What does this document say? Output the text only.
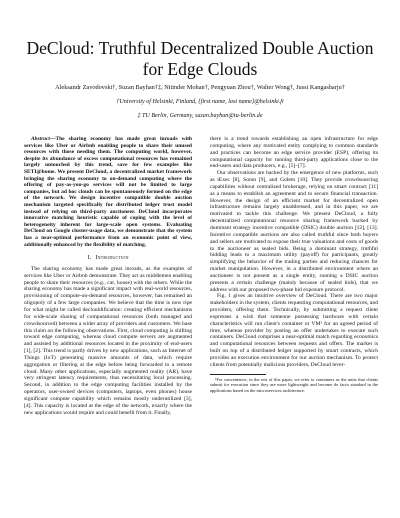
DeCloud: Truthful Decentralized Double Auction for Edge Clouds
Aleksandr Zavodovski†, Suzan Bayhan†‡, Nitinder Mohan†, Pengyuan Zhou†, Walter Wong†, Jussi Kangasharju†
†University of Helsinki, Finland, {first name, last name}@helsinki.fi
‡ TU Berlin, Germany, suzan.bayhan@tu-berlin.de

Abstract—The sharing economy has made great inroads with services like Uber or Airbnb enabling people to share their unused resources with those needing them. The computing world, however, despite its abundance of excess computational resources has remained largely untouched by this trend, save for few examples like SETI@home. We present DeCloud, a decentralized market framework bringing the sharing economy to on-demand computing where the offering of pay-as-you-go services will not be limited to large companies, but ad hoc clouds can be spontaneously formed on the edge of the network. We design incentive compatible double auction mechanism targeted specifically for distributed ledger trust model instead of relying on third-party auctioneer. DeCloud incorporates innovative matching heuristic capable of coping with the level of heterogeneity inherent for large-scale open systems. Evaluating DeCloud on Google cluster-usage data, we demonstrate that the system has a near-optimal performance from an economic point of view, additionally enhanced by the flexibility of matching.

I. Introduction

The sharing economy has made great inroads, as the examples of services like Uber or Airbnb demonstrate. They act as middlemen enabling people to share their resources (e.g., car, house) with the others. While the sharing economy has made a significant impact with real-world resources, provisioning of compute-on-demand resources, however, has remained an oligopoly of a few large companies. We believe that the time is now ripe for what might be called declouldification: creating efficient mechanisms for wide-scale sharing of computational resources (both managed and crowdsourced) between a wider array of providers and customers. We base this claim on the following observations. First, cloud computing is shifting toward edge computing, whereas cloud compute servers are augmented and assisted by additional resources located in the proximity of end-users [1], [2]. This trend is partly driven by new applications, such as Internet of Things (IoT) generating massive amounts of data, which require aggregation or filtering at the edge before being forwarded to a remote cloud. Many other applications, especially augmented reality (AR), have very stringent latency requirements, thus necessitating local processing. Second, in addition to the edge computing facilities installed by the operators, user-owned devices (computers, laptops, even phones) house significant compute capability which remains mostly underutilized [3], [4]. This capacity is located at the edge of the network, exactly where the new applications would require and could benefit from it. Finally,

there is a trend towards establishing an open infrastructure for edge computing, where any motivated entity complying to common standards and practices can become an edge service provider (ESP), offering its computational capacity for running third-party applications close to the end-users and data producers, e.g., [5]–[7].

Our observations are backed by the emergence of new platforms, such as iExec [8], Sonm [9], and Golem [10]. They provide crowdsourcing capabilities without centralized brokerage, relying on smart contract [11] as a means to establish an agreement and to secure financial transaction. However, the design of an efficient market for decentralized open infrastructure remains largely unaddressed, and in this paper, we are motivated to tackle this challenge. We present DeCloud, a fully decentralized computational resource sharing framework backed by dominant strategy incentive compatible (DSIC) double auction [12], [13]. Incentive compatible auctions are also called truthful since both buyers and sellers are motivated to expose their true valuations and costs of goods to the auctioneer as sealed bids. Being a dominant strategy, truthful bidding leads to a maximum utility (payoff) for participants, greatly simplifying the behavior of the trading parties and reducing chances for market manipulation. However, in a distributed environment where an auctioneer is not present as a single entity, running a DSIC auction presents a certain challenge (mainly because of sealed bids), that we address with our proposed two-phase bid exposure protocol.

Fig. 1 gives an intuitive overview of DeCloud. There are two major stakeholders in the system, clients requesting computational resources, and providers, offering them. Technically, by submitting a request client expresses a wish that someone possessing hardware with certain characteristics will run client's container or VM¹ for an agreed period of time, whereas provider by posting an offer undertakes to execute such containers. DeCloud comprises a near-optimal match regarding economics and computational resources between requests and offers. The market is built on top of a distributed ledger supported by smart contracts, which provides an execution environment for our auction mechanism. To protect clients from potentially malicious providers, DeCloud lever-

¹For convenience, in the rest of this paper, we refer to containers as the units that clients submit for execution since they are more lightweight and become de facto standard in the applications based on the microservices architecture.
